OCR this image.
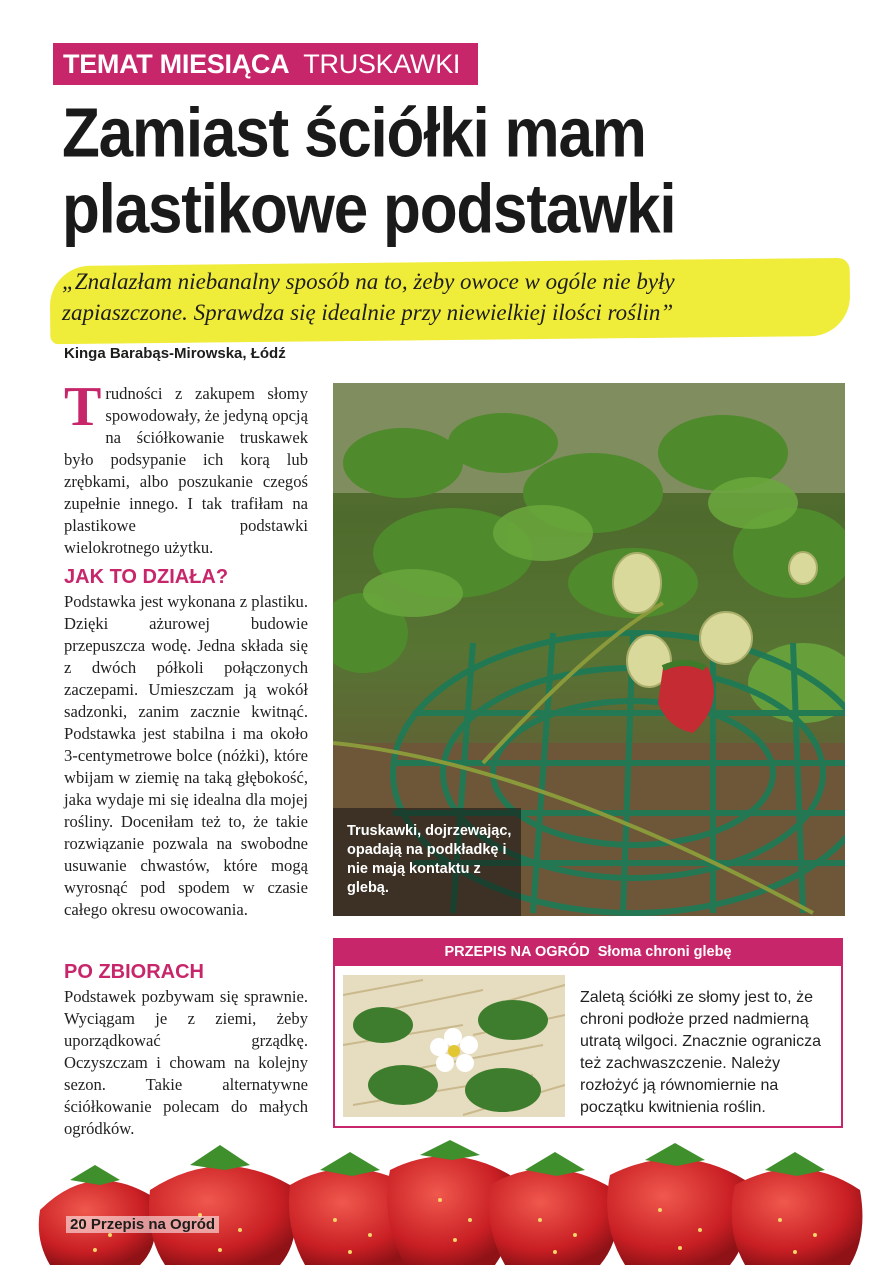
TEMAT MIESIĄCA TRUSKAWKI
Zamiast ściółki mam
plastikowe podstawki
„Znalazłam niebanalny sposób na to, żeby owoce w ogóle nie były
zapiaszczone. Sprawdza się idealnie przy niewielkiej ilości roślin”
Kinga Barabąs-Mirowska, Łódź
Trudności z zakupem słomy spowodowały, że jedyną opcją na ściółkowanie truskawek było podsypanie ich korą lub zrębkami, albo poszukanie czegoś zupełnie innego. I tak trafiłam na plastikowe podstawki wielokrotnego użytku.
JAK TO DZIAŁA?
Podstawka jest wykonana z plastiku. Dzięki ażurowej budowie przepuszcza wodę. Jedna składa się z dwóch półkoli połączonych zaczepami. Umieszczam ją wokół sadzonki, zanim zacznie kwitnąć. Podstawka jest stabilna i ma około 3-centymetrowe bolce (nóżki), które wbijam w ziemię na taką głębokość, jaka wydaje mi się idealna dla mojej rośliny. Doceniłam też to, że takie rozwiązanie pozwala na swobodne usuwanie chwastów, które mogą wyrosnąć pod spodem w czasie całego okresu owocowania.
PO ZBIORACH
Podstawek pozbywam się sprawnie. Wyciągam je z ziemi, żeby uporządkować grządkę. Oczyszczam i chowam na kolejny sezon. Takie alternatywne ściółkowanie polecam do małych ogródków.
Truskawki, dojrzewając, opadają na podkładkę i nie mają kontaktu z glebą.
PRZEPIS NA OGRÓD Słoma chroni glebę
Zaletą ściółki ze słomy jest to, że chroni podłoże przed nadmierną utratą wilgoci. Znacznie ogranicza też zachwaszczenie. Należy rozłożyć ją równomiernie na początku kwitnienia roślin.
20 Przepis na Ogród
